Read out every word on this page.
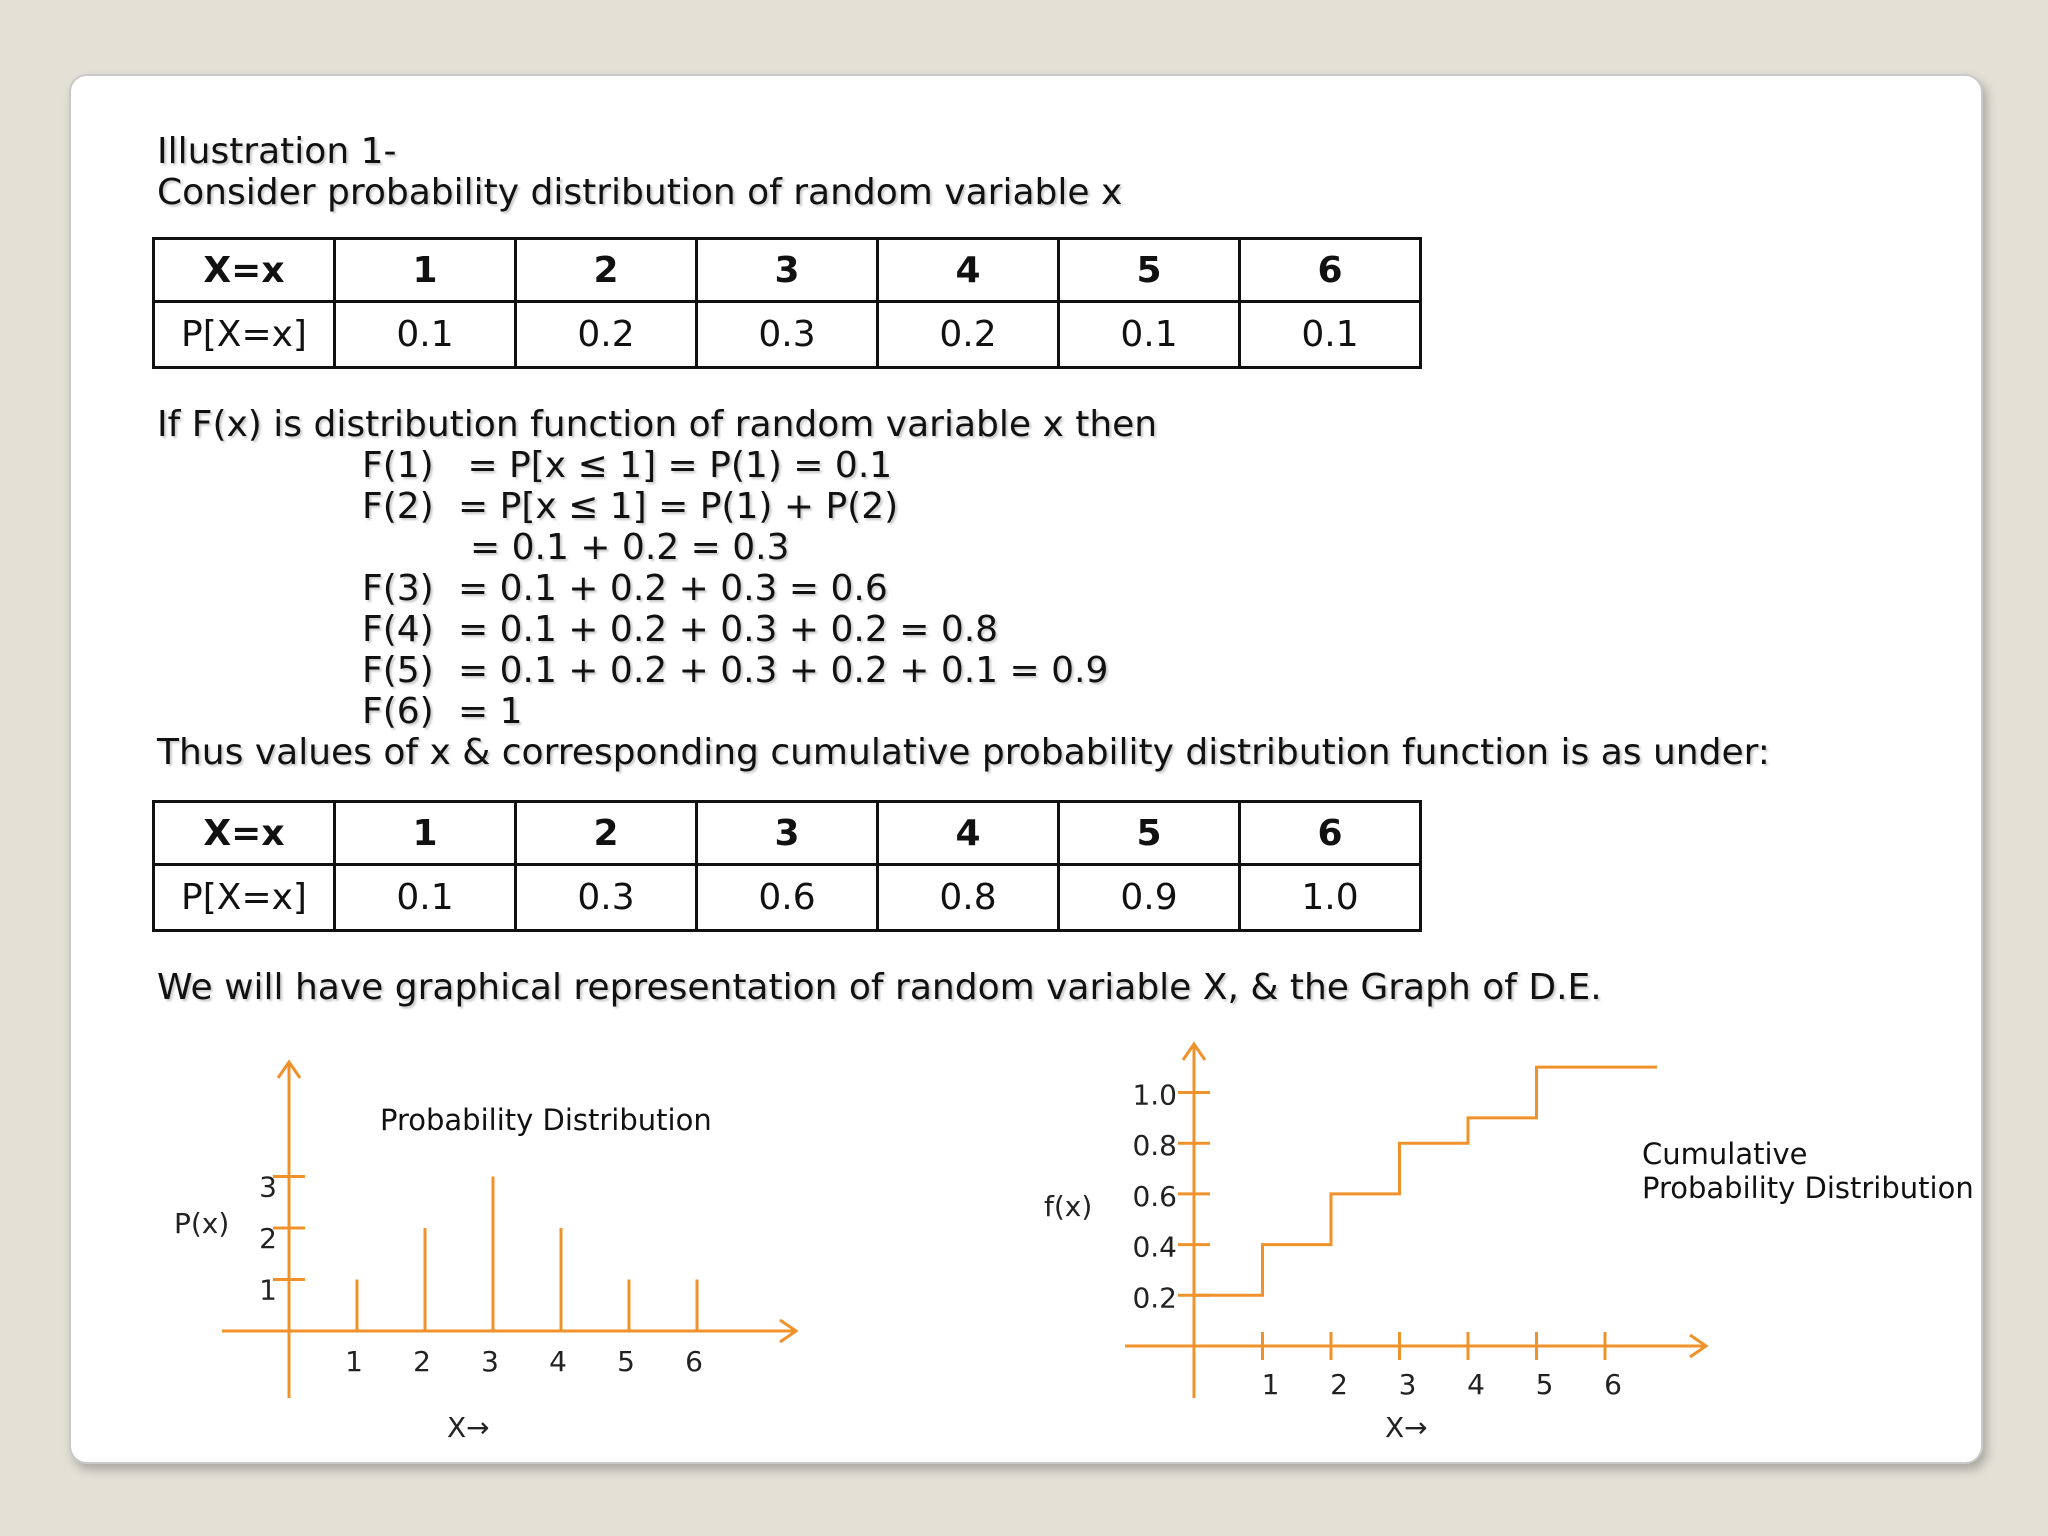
Illustration 1-
Consider probability distribution of random variable x
X=x	1	2	3	4	5	6
P[X=x]	0.1	0.2	0.3	0.2	0.1	0.1
If F(x) is distribution function of random variable x then
F(1) = P[x ≤ 1] = P(1) = 0.1
F(2) = P[x ≤ 1] = P(1) + P(2)
= 0.1 + 0.2 = 0.3
F(3) = 0.1 + 0.2 + 0.3 = 0.6
F(4) = 0.1 + 0.2 + 0.3 + 0.2 = 0.8
F(5) = 0.1 + 0.2 + 0.3 + 0.2 + 0.1 = 0.9
F(6) = 1
Thus values of x & corresponding cumulative probability distribution function is as under:
X=x	1	2	3	4	5	6
P[X=x]	0.1	0.3	0.6	0.8	0.9	1.0
We will have graphical representation of random variable X, & the Graph of D.E.
1
2
3
1 2 3 4 5 6
Probability Distribution
P(x)
X→
0.2
0.4
0.6
0.8
1.0
1 2 3 4 5 6
Cumulative
Probability Distribution
f(x)
X→
